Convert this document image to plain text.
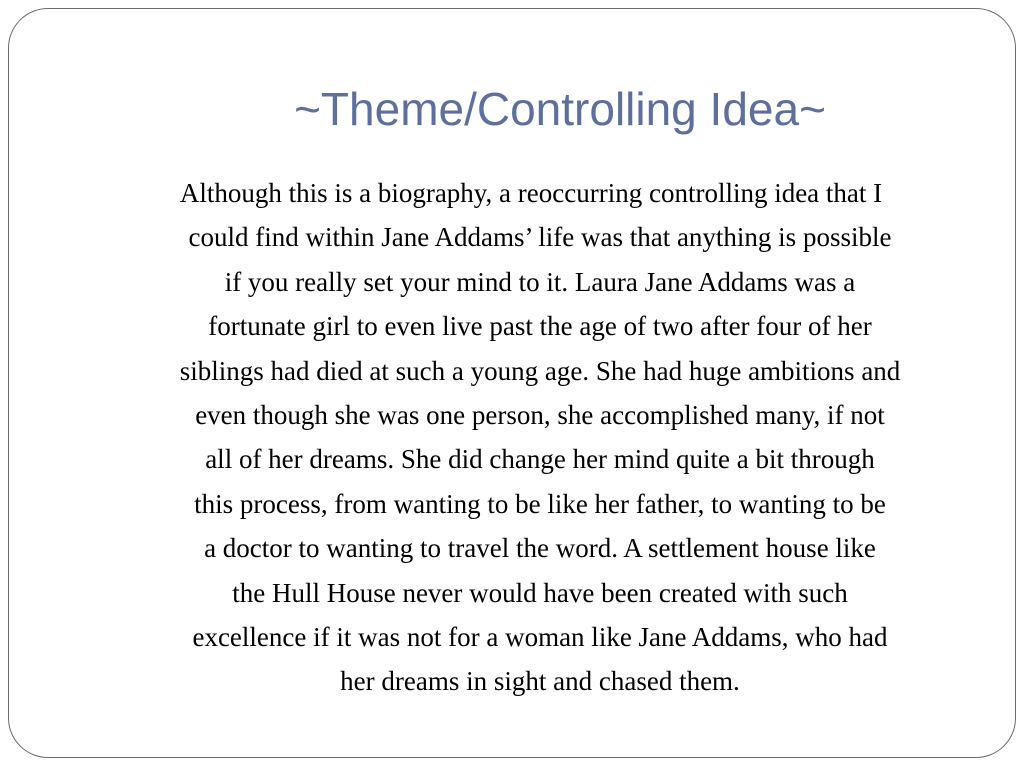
~Theme/Controlling Idea~
Although this is a biography, a reoccurring controlling idea that I
could find within Jane Addams’ life was that anything is possible
if you really set your mind to it. Laura Jane Addams was a
fortunate girl to even live past the age of two after four of her
siblings had died at such a young age. She had huge ambitions and
even though she was one person, she accomplished many, if not
all of her dreams. She did change her mind quite a bit through
this process, from wanting to be like her father, to wanting to be
a doctor to wanting to travel the word. A settlement house like
the Hull House never would have been created with such
excellence if it was not for a woman like Jane Addams, who had
her dreams in sight and chased them.
